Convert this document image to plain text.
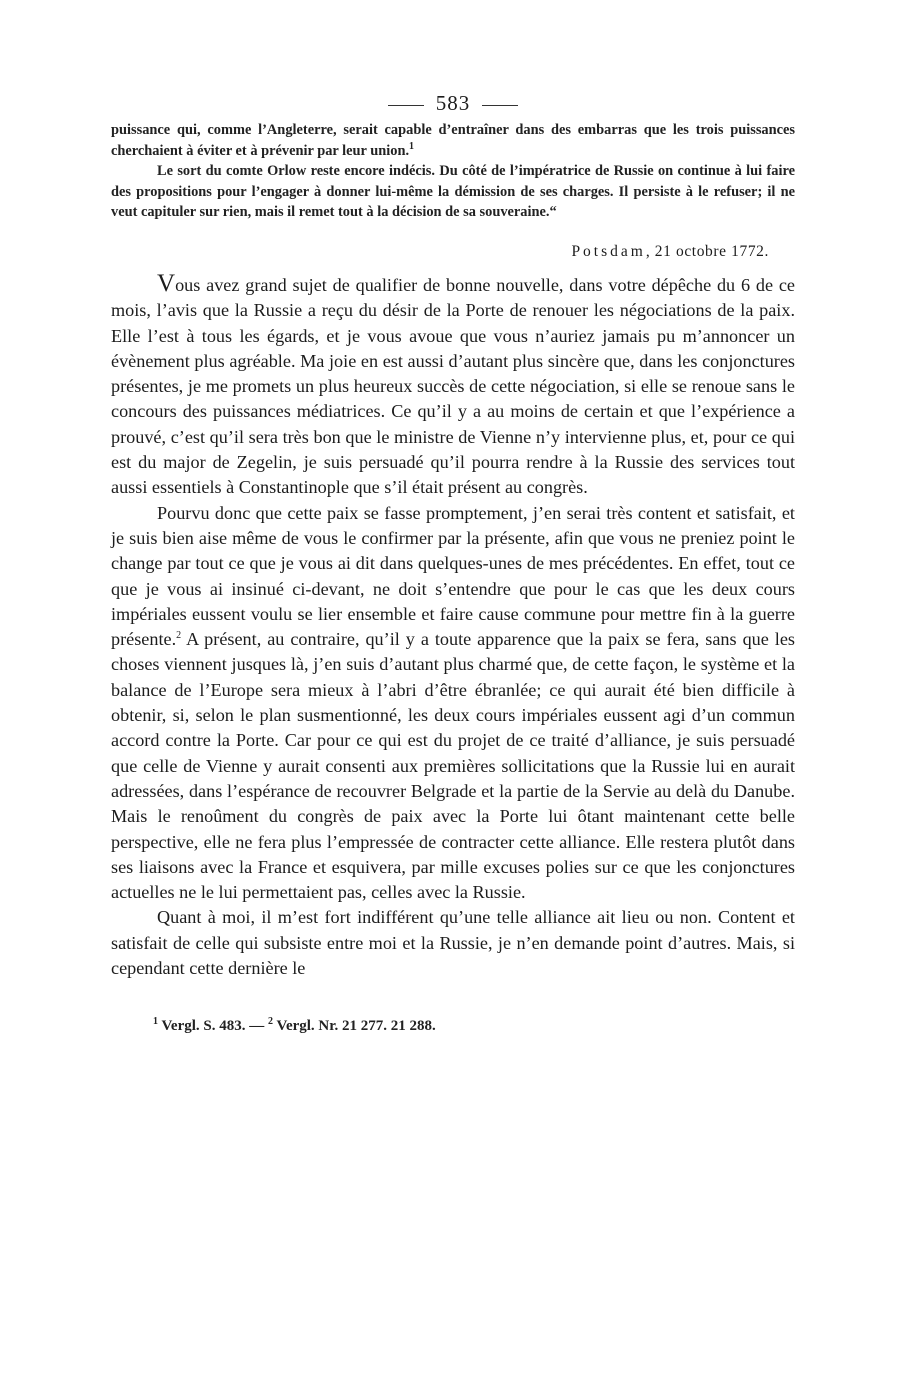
583

puissance qui, comme l’Angleterre, serait capable d’entraîner dans des embarras que les trois puissances cherchaient à éviter et à prévenir par leur union.$^1$

Le sort du comte Orlow reste encore indécis. Du côté de l’impératrice de Russie on continue à lui faire des propositions pour l’engager à donner lui-même la démission de ses charges. Il persiste à le refuser; il ne veut capituler sur rien, mais il remet tout à la décision de sa souveraine.“

Potsdam, 21 octobre 1772.

Vous avez grand sujet de qualifier de bonne nouvelle, dans votre dépêche du 6 de ce mois, l’avis que la Russie a reçu du désir de la Porte de renouer les négociations de la paix. Elle l’est à tous les égards, et je vous avoue que vous n’auriez jamais pu m’annoncer un évènement plus agréable. Ma joie en est aussi d’autant plus sincère que, dans les conjonctures présentes, je me promets un plus heureux succès de cette négociation, si elle se renoue sans le concours des puissances médiatrices. Ce qu’il y a au moins de certain et que l’expérience a prouvé, c’est qu’il sera très bon que le ministre de Vienne n’y intervienne plus, et, pour ce qui est du major de Zegelin, je suis persuadé qu’il pourra rendre à la Russie des services tout aussi essentiels à Constantinople que s’il était présent au congrès.

Pourvu donc que cette paix se fasse promptement, j’en serai très content et satisfait, et je suis bien aise même de vous le confirmer par la présente, afin que vous ne preniez point le change par tout ce que je vous ai dit dans quelques-unes de mes précédentes. En effet, tout ce que je vous ai insinué ci-devant, ne doit s’entendre que pour le cas que les deux cours impériales eussent voulu se lier ensemble et faire cause commune pour mettre fin à la guerre présente.$^2$ A présent, au contraire, qu’il y a toute apparence que la paix se fera, sans que les choses viennent jusques là, j’en suis d’autant plus charmé que, de cette façon, le système et la balance de l’Europe sera mieux à l’abri d’être ébranlée; ce qui aurait été bien difficile à obtenir, si, selon le plan susmentionné, les deux cours impériales eussent agi d’un commun accord contre la Porte. Car pour ce qui est du projet de ce traité d’alliance, je suis persuadé que celle de Vienne y aurait consenti aux premières sollicitations que la Russie lui en aurait adressées, dans l’espérance de recouvrer Belgrade et la partie de la Servie au delà du Danube. Mais le renoûment du congrès de paix avec la Porte lui ôtant maintenant cette belle perspective, elle ne fera plus l’empressée de contracter cette alliance. Elle restera plutôt dans ses liaisons avec la France et esquivera, par mille excuses polies sur ce que les conjonctures actuelles ne le lui permettaient pas, celles avec la Russie.

Quant à moi, il m’est fort indifférent qu’une telle alliance ait lieu ou non. Content et satisfait de celle qui subsiste entre moi et la Russie, je n’en demande point d’autres. Mais, si cependant cette dernière le

$^1$ Vergl. S. 483. — $^2$ Vergl. Nr. 21 277. 21 288.
